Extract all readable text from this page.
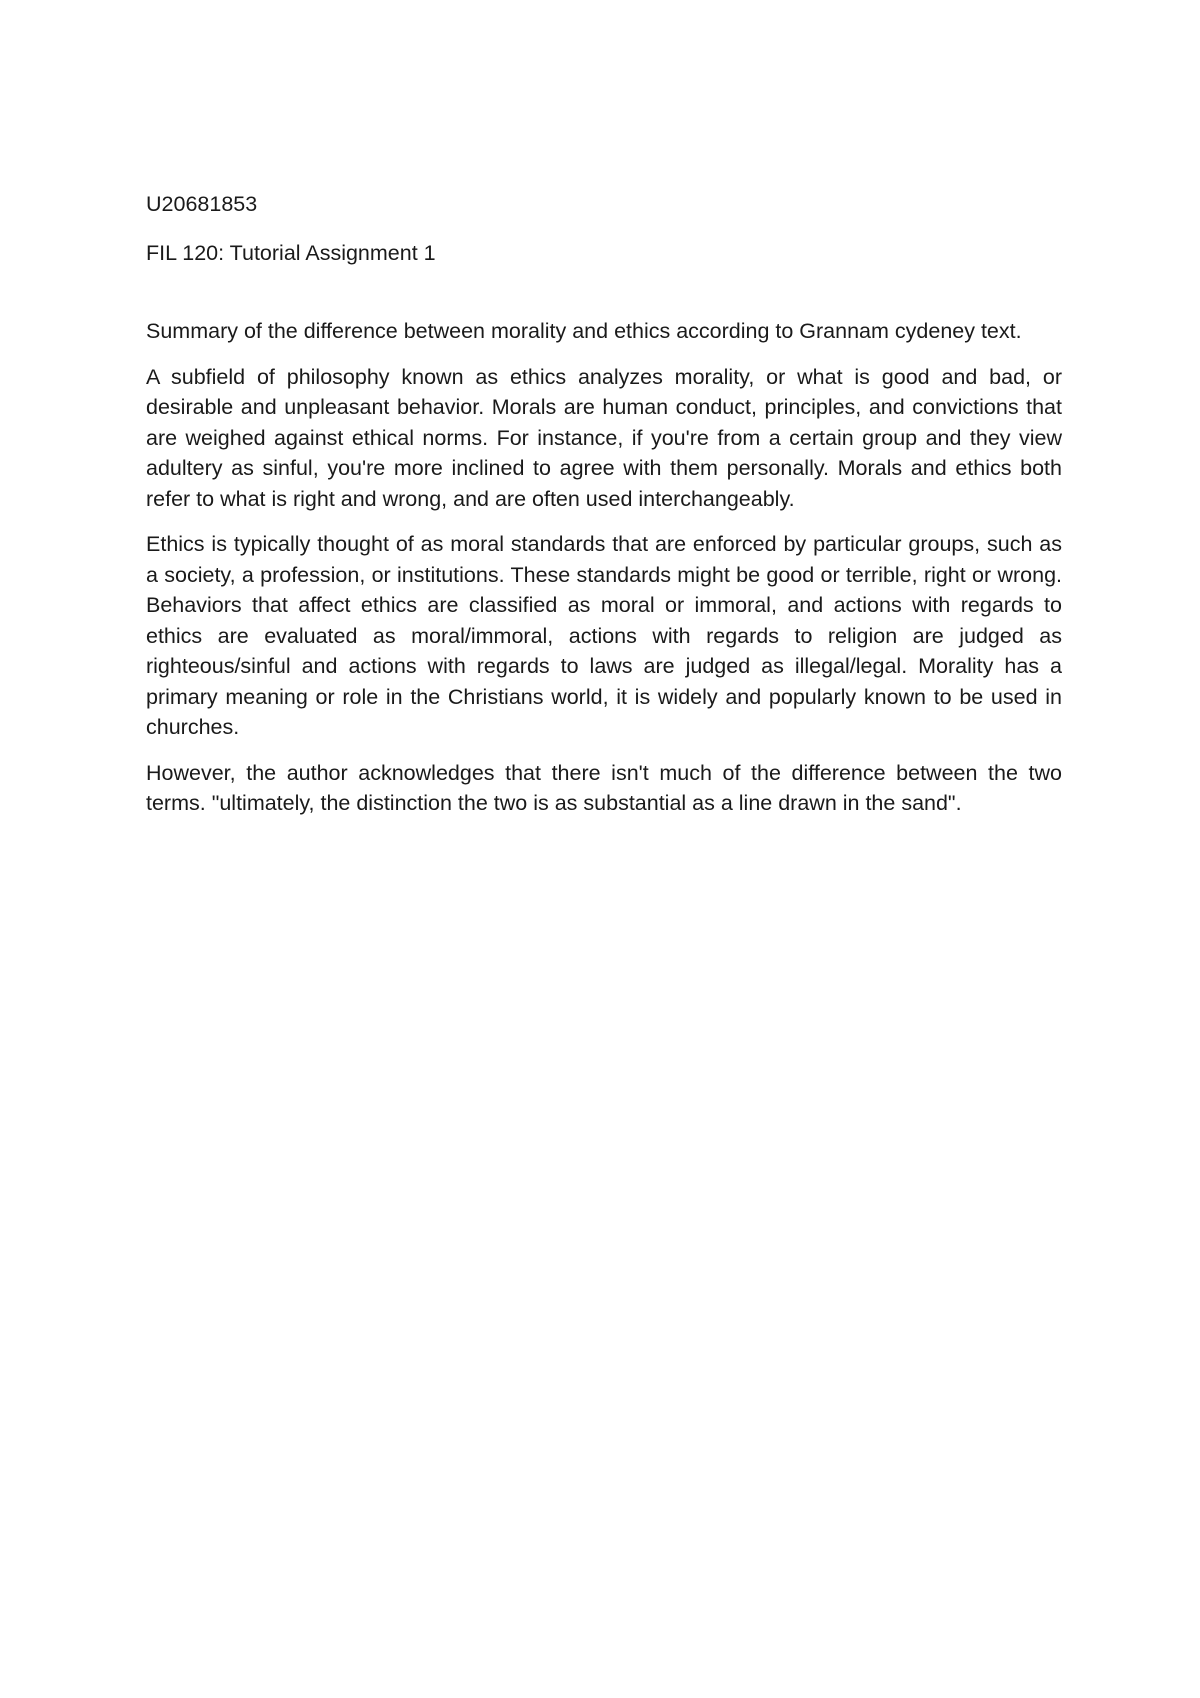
U20681853

FIL 120: Tutorial Assignment 1

Summary of the difference between morality and ethics according to Grannam cydeney text.

A subfield of philosophy known as ethics analyzes morality, or what is good and bad, or desirable and unpleasant behavior. Morals are human conduct, principles, and convictions that are weighed against ethical norms. For instance, if you're from a certain group and they view adultery as sinful, you're more inclined to agree with them personally. Morals and ethics both refer to what is right and wrong, and are often used interchangeably.

Ethics is typically thought of as moral standards that are enforced by particular groups, such as a society, a profession, or institutions. These standards might be good or terrible, right or wrong. Behaviors that affect ethics are classified as moral or immoral, and actions with regards to ethics are evaluated as moral/immoral, actions with regards to religion are judged as righteous/sinful and actions with regards to laws are judged as illegal/legal. Morality has a primary meaning or role in the Christians world, it is widely and popularly known to be used in churches.

However, the author acknowledges that there isn't much of the difference between the two terms. "ultimately, the distinction the two is as substantial as a line drawn in the sand".
